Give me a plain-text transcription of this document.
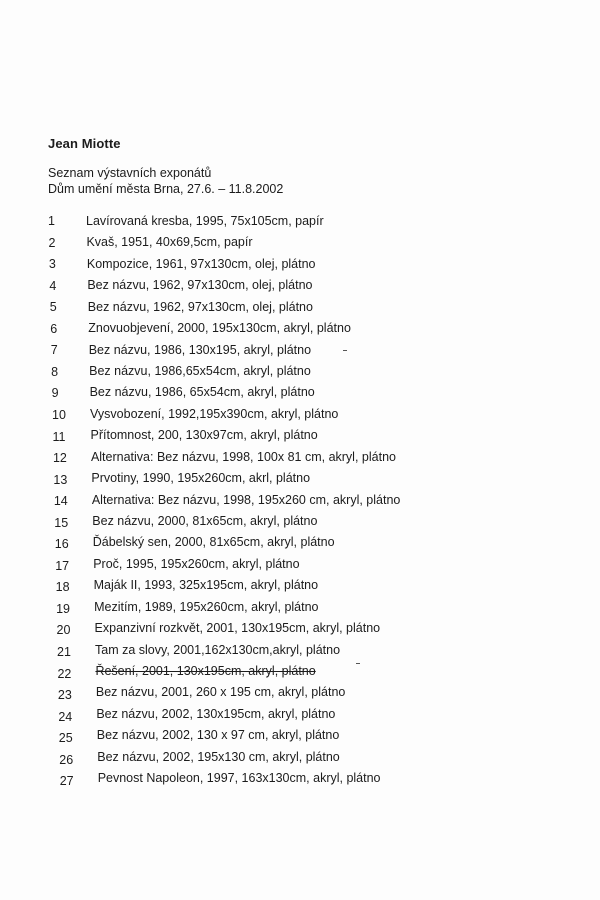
Jean Miotte
Seznam výstavních exponátů
Dům umění města Brna, 27.6. – 11.8.2002
1	Lavírovaná kresba, 1995, 75x105cm, papír
2	Kvaš, 1951, 40x69,5cm, papír
3	Kompozice, 1961, 97x130cm, olej, plátno
4	Bez názvu, 1962, 97x130cm, olej, plátno
5	Bez názvu, 1962, 97x130cm, olej, plátno
6	Znovuobjevení, 2000, 195x130cm, akryl, plátno
7	Bez názvu, 1986, 130x195, akryl, plátno
8	Bez názvu, 1986,65x54cm, akryl, plátno
9	Bez názvu, 1986, 65x54cm, akryl, plátno
10	Vysvobození, 1992,195x390cm, akryl, plátno
11	Přítomnost, 200, 130x97cm, akryl, plátno
12	Alternativa: Bez názvu, 1998, 100x 81 cm, akryl, plátno
13	Prvotiny, 1990, 195x260cm, akrl, plátno
14	Alternativa: Bez názvu, 1998, 195x260 cm, akryl, plátno
15	Bez názvu, 2000, 81x65cm, akryl, plátno
16	Ďábelský sen, 2000, 81x65cm, akryl, plátno
17	Proč, 1995, 195x260cm, akryl, plátno
18	Maják II, 1993, 325x195cm, akryl, plátno
19	Mezitím, 1989, 195x260cm, akryl, plátno
20	Expanzivní rozkvět, 2001, 130x195cm, akryl, plátno
21	Tam za slovy, 2001,162x130cm,akryl, plátno
22	Řešení, 2001, 130x195cm, akryl, plátno
23	Bez názvu, 2001, 260 x 195 cm, akryl, plátno
24	Bez názvu, 2002, 130x195cm, akryl, plátno
25	Bez názvu, 2002, 130 x 97 cm, akryl, plátno
26	Bez názvu, 2002, 195x130 cm, akryl, plátno
27	Pevnost Napoleon, 1997, 163x130cm, akryl, plátno
